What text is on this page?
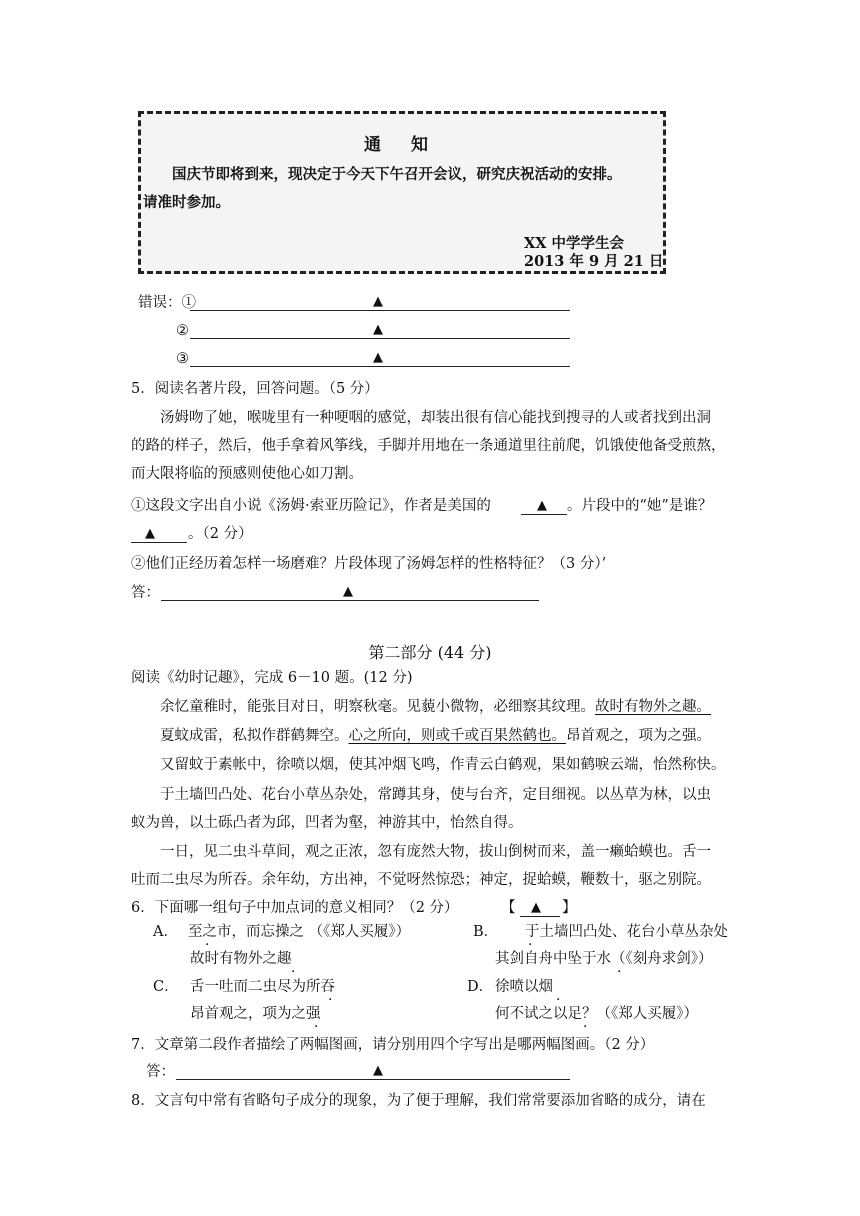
通 知
国庆节即将到来，现决定于今天下午召开会议，研究庆祝活动的安排。
请准时参加。
XX 中学学生会
2013 年 9 月 21 日
错误：①	▲
②	▲
③	▲
5．阅读名著片段，回答问题。（5 分）
汤姆吻了她，喉咙里有一种哽咽的感觉，却装出很有信心能找到搜寻的人或者找到出洞
的路的样子，然后，他手拿着风筝线，手脚并用地在一条通道里往前爬，饥饿使他备受煎熬，
而大限将临的预感则使他心如刀割。
①这段文字出自小说《汤姆·索亚历险记》，作者是美国的	▲ 。片段中的“她”是谁？
▲ 。（2 分）
②他们正经历着怎样一场磨难？片段体现了汤姆怎样的性格特征？（3 分）’
答：	▲
第二部分 (44 分)
阅读《幼时记趣》，完成 6－10 题。(12 分)
余忆童稚时，能张目对日，明察秋毫。见藐小微物，必细察其纹理。故时有物外之趣。
夏蚊成雷，私拟作群鹤舞空。心之所向，则或千或百果然鹤也。昂首观之，项为之强。
又留蚊于素帐中，徐喷以烟，使其冲烟飞鸣，作青云白鹤观，果如鹤唳云端，怡然称快。
于土墙凹凸处、花台小草丛杂处，常蹲其身，使与台齐，定目细视。以丛草为林，以虫
蚁为兽，以土砾凸者为邱，凹者为壑，神游其中，怡然自得。
一日，见二虫斗草间，观之正浓，忽有庞然大物，拔山倒树而来，盖一癞蛤蟆也。舌一
吐而二虫尽为所吞。余年幼，方出神，不觉呀然惊恐；神定，捉蛤蟆，鞭数十，驱之别院。
6．下面哪一组句子中加点词的意义相同？（2 分）	【 ▲ 】
A． 至之市，而忘操之 （《郑人买履》）
故时有物外之趣
B． 于土墙凹凸处、花台小草丛杂处
其剑自舟中坠于水（《刻舟求剑》）
C． 舌一吐而二虫尽为所吞
昂首观之，项为之强
D． 徐喷以烟
何不试之以足？（《郑人买履》）
·
·
·
·
·
·
·
·
7．文章第二段作者描绘了两幅图画，请分别用四个字写出是哪两幅图画。（2 分）
答：	▲
8．文言句中常有省略句子成分的现象，为了便于理解，我们常常要添加省略的成分，请在
